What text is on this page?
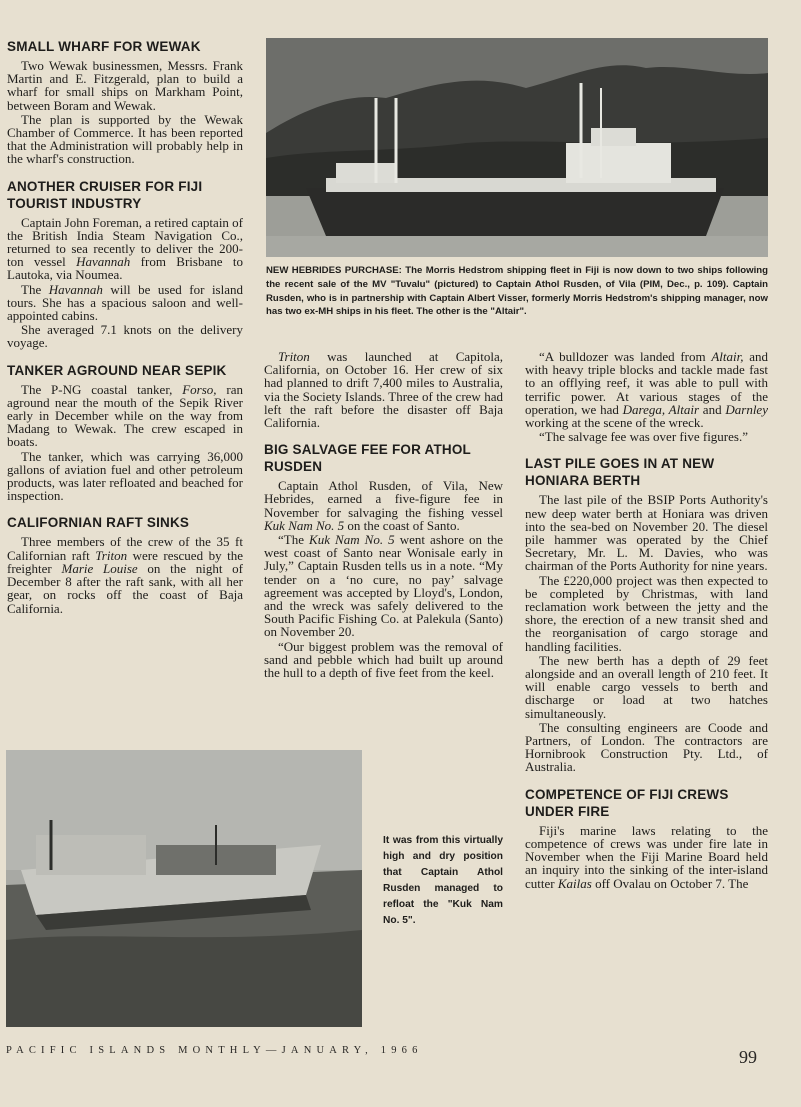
SMALL WHARF FOR WEWAK

Two Wewak businessmen, Messrs. Frank Martin and E. Fitzgerald, plan to build a wharf for small ships on Markham Point, between Boram and Wewak.

The plan is supported by the Wewak Chamber of Commerce. It has been reported that the Administration will probably help in the wharf's construction.

ANOTHER CRUISER FOR FIJI TOURIST INDUSTRY

Captain John Foreman, a retired captain of the British India Steam Navigation Co., returned to sea recently to deliver the 200-ton vessel Havannah from Brisbane to Lautoka, via Noumea.

The Havannah will be used for island tours. She has a spacious saloon and well-appointed cabins.

She averaged 7.1 knots on the delivery voyage.

TANKER AGROUND NEAR SEPIK

The P-NG coastal tanker, Forso, ran aground near the mouth of the Sepik River early in December while on the way from Madang to Wewak. The crew escaped in boats.

The tanker, which was carrying 36,000 gallons of aviation fuel and other petroleum products, was later refloated and beached for inspection.

CALIFORNIAN RAFT SINKS

Three members of the crew of the 35 ft Californian raft Triton were rescued by the freighter Marie Louise on the night of December 8 after the raft sank, with all her gear, on rocks off the coast of Baja California.

NEW HEBRIDES PURCHASE: The Morris Hedstrom shipping fleet in Fiji is now down to two ships following the recent sale of the MV "Tuvalu" (pictured) to Captain Athol Rusden, of Vila (PIM, Dec., p. 109). Captain Rusden, who is in partnership with Captain Albert Visser, formerly Morris Hedstrom's shipping manager, now has two ex-MH ships in his fleet. The other is the "Altair".

Triton was launched at Capitola, California, on October 16. Her crew of six had planned to drift 7,400 miles to Australia, via the Society Islands. Three of the crew had left the raft before the disaster off Baja California.

BIG SALVAGE FEE FOR ATHOL RUSDEN

Captain Athol Rusden, of Vila, New Hebrides, earned a five-figure fee in November for salvaging the fishing vessel Kuk Nam No. 5 on the coast of Santo.

“The Kuk Nam No. 5 went ashore on the west coast of Santo near Wonisale early in July,” Captain Rusden tells us in a note. “My tender on a ‘no cure, no pay’ salvage agreement was accepted by Lloyd's, London, and the wreck was safely delivered to the South Pacific Fishing Co. at Palekula (Santo) on November 20.

“Our biggest problem was the removal of sand and pebble which had built up around the hull to a depth of five feet from the keel.

“A bulldozer was landed from Altair, and with heavy triple blocks and tackle made fast to an offlying reef, it was able to pull with terrific power. At various stages of the operation, we had Darega, Altair and Darnley working at the scene of the wreck.

“The salvage fee was over five figures.”

LAST PILE GOES IN AT NEW HONIARA BERTH

The last pile of the BSIP Ports Authority's new deep water berth at Honiara was driven into the sea-bed on November 20. The diesel pile hammer was operated by the Chief Secretary, Mr. L. M. Davies, who was chairman of the Ports Authority for nine years.

The £220,000 project was then expected to be completed by Christmas, with land reclamation work between the jetty and the shore, the erection of a new transit shed and the reorganisation of cargo storage and handling facilities.

The new berth has a depth of 29 feet alongside and an overall length of 210 feet. It will enable cargo vessels to berth and discharge or load at two hatches simultaneously.

The consulting engineers are Coode and Partners, of London. The contractors are Hornibrook Construction Pty. Ltd., of Australia.

COMPETENCE OF FIJI CREWS UNDER FIRE

Fiji's marine laws relating to the competence of crews was under fire late in November when the Fiji Marine Board held an inquiry into the sinking of the inter-island cutter Kailas off Ovalau on October 7. The

It was from this virtually high and dry position that Captain Athol Rusden managed to refloat the "Kuk Nam No. 5".
PACIFIC ISLANDS MONTHLY—JANUARY, 1966	99
